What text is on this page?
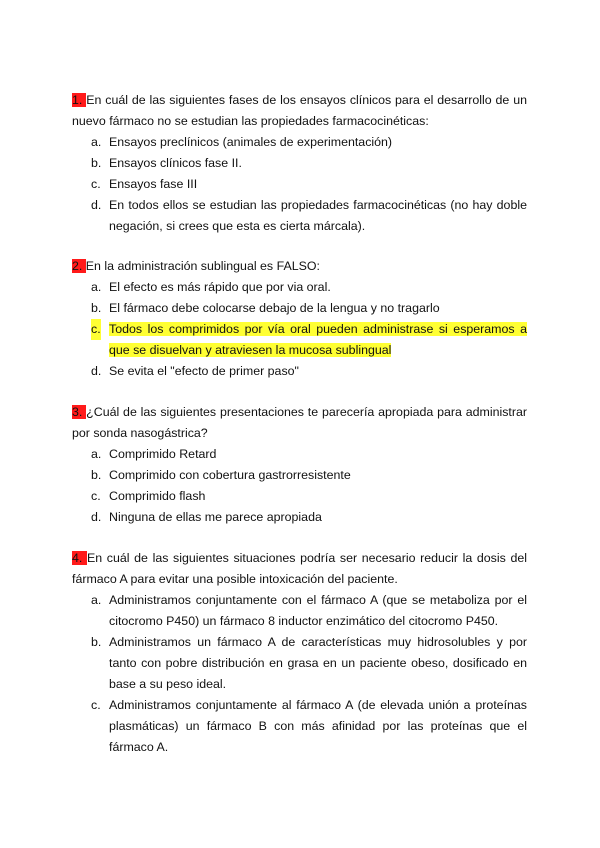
1. En cuál de las siguientes fases de los ensayos clínicos para el desarrollo de un nuevo fármaco no se estudian las propiedades farmacocinéticas:

a. Ensayos preclínicos (animales de experimentación)
b. Ensayos clínicos fase II.
c. Ensayos fase III
d. En todos ellos se estudian las propiedades farmacocinéticas (no hay doble negación, si crees que esta es cierta márcala).

2. En la administración sublingual es FALSO:

a. El efecto es más rápido que por via oral.
b. El fármaco debe colocarse debajo de la lengua y no tragarlo
c. Todos los comprimidos por vía oral pueden administrase si esperamos a que se disuelvan y atraviesen la mucosa sublingual
d. Se evita el "efecto de primer paso"

3. ¿Cuál de las siguientes presentaciones te parecería apropiada para administrar por sonda nasogástrica?

a. Comprimido Retard
b. Comprimido con cobertura gastrorresistente
c. Comprimido flash
d. Ninguna de ellas me parece apropiada

4. En cuál de las siguientes situaciones podría ser necesario reducir la dosis del fármaco A para evitar una posible intoxicación del paciente.

a. Administramos conjuntamente con el fármaco A (que se metaboliza por el citocromo P450) un fármaco 8 inductor enzimático del citocromo P450.
b. Administramos un fármaco A de características muy hidrosolubles y por tanto con pobre distribución en grasa en un paciente obeso, dosificado en base a su peso ideal.
c. Administramos conjuntamente al fármaco A (de elevada unión a proteínas plasmáticas) un fármaco B con más afinidad por las proteínas que el fármaco A.
